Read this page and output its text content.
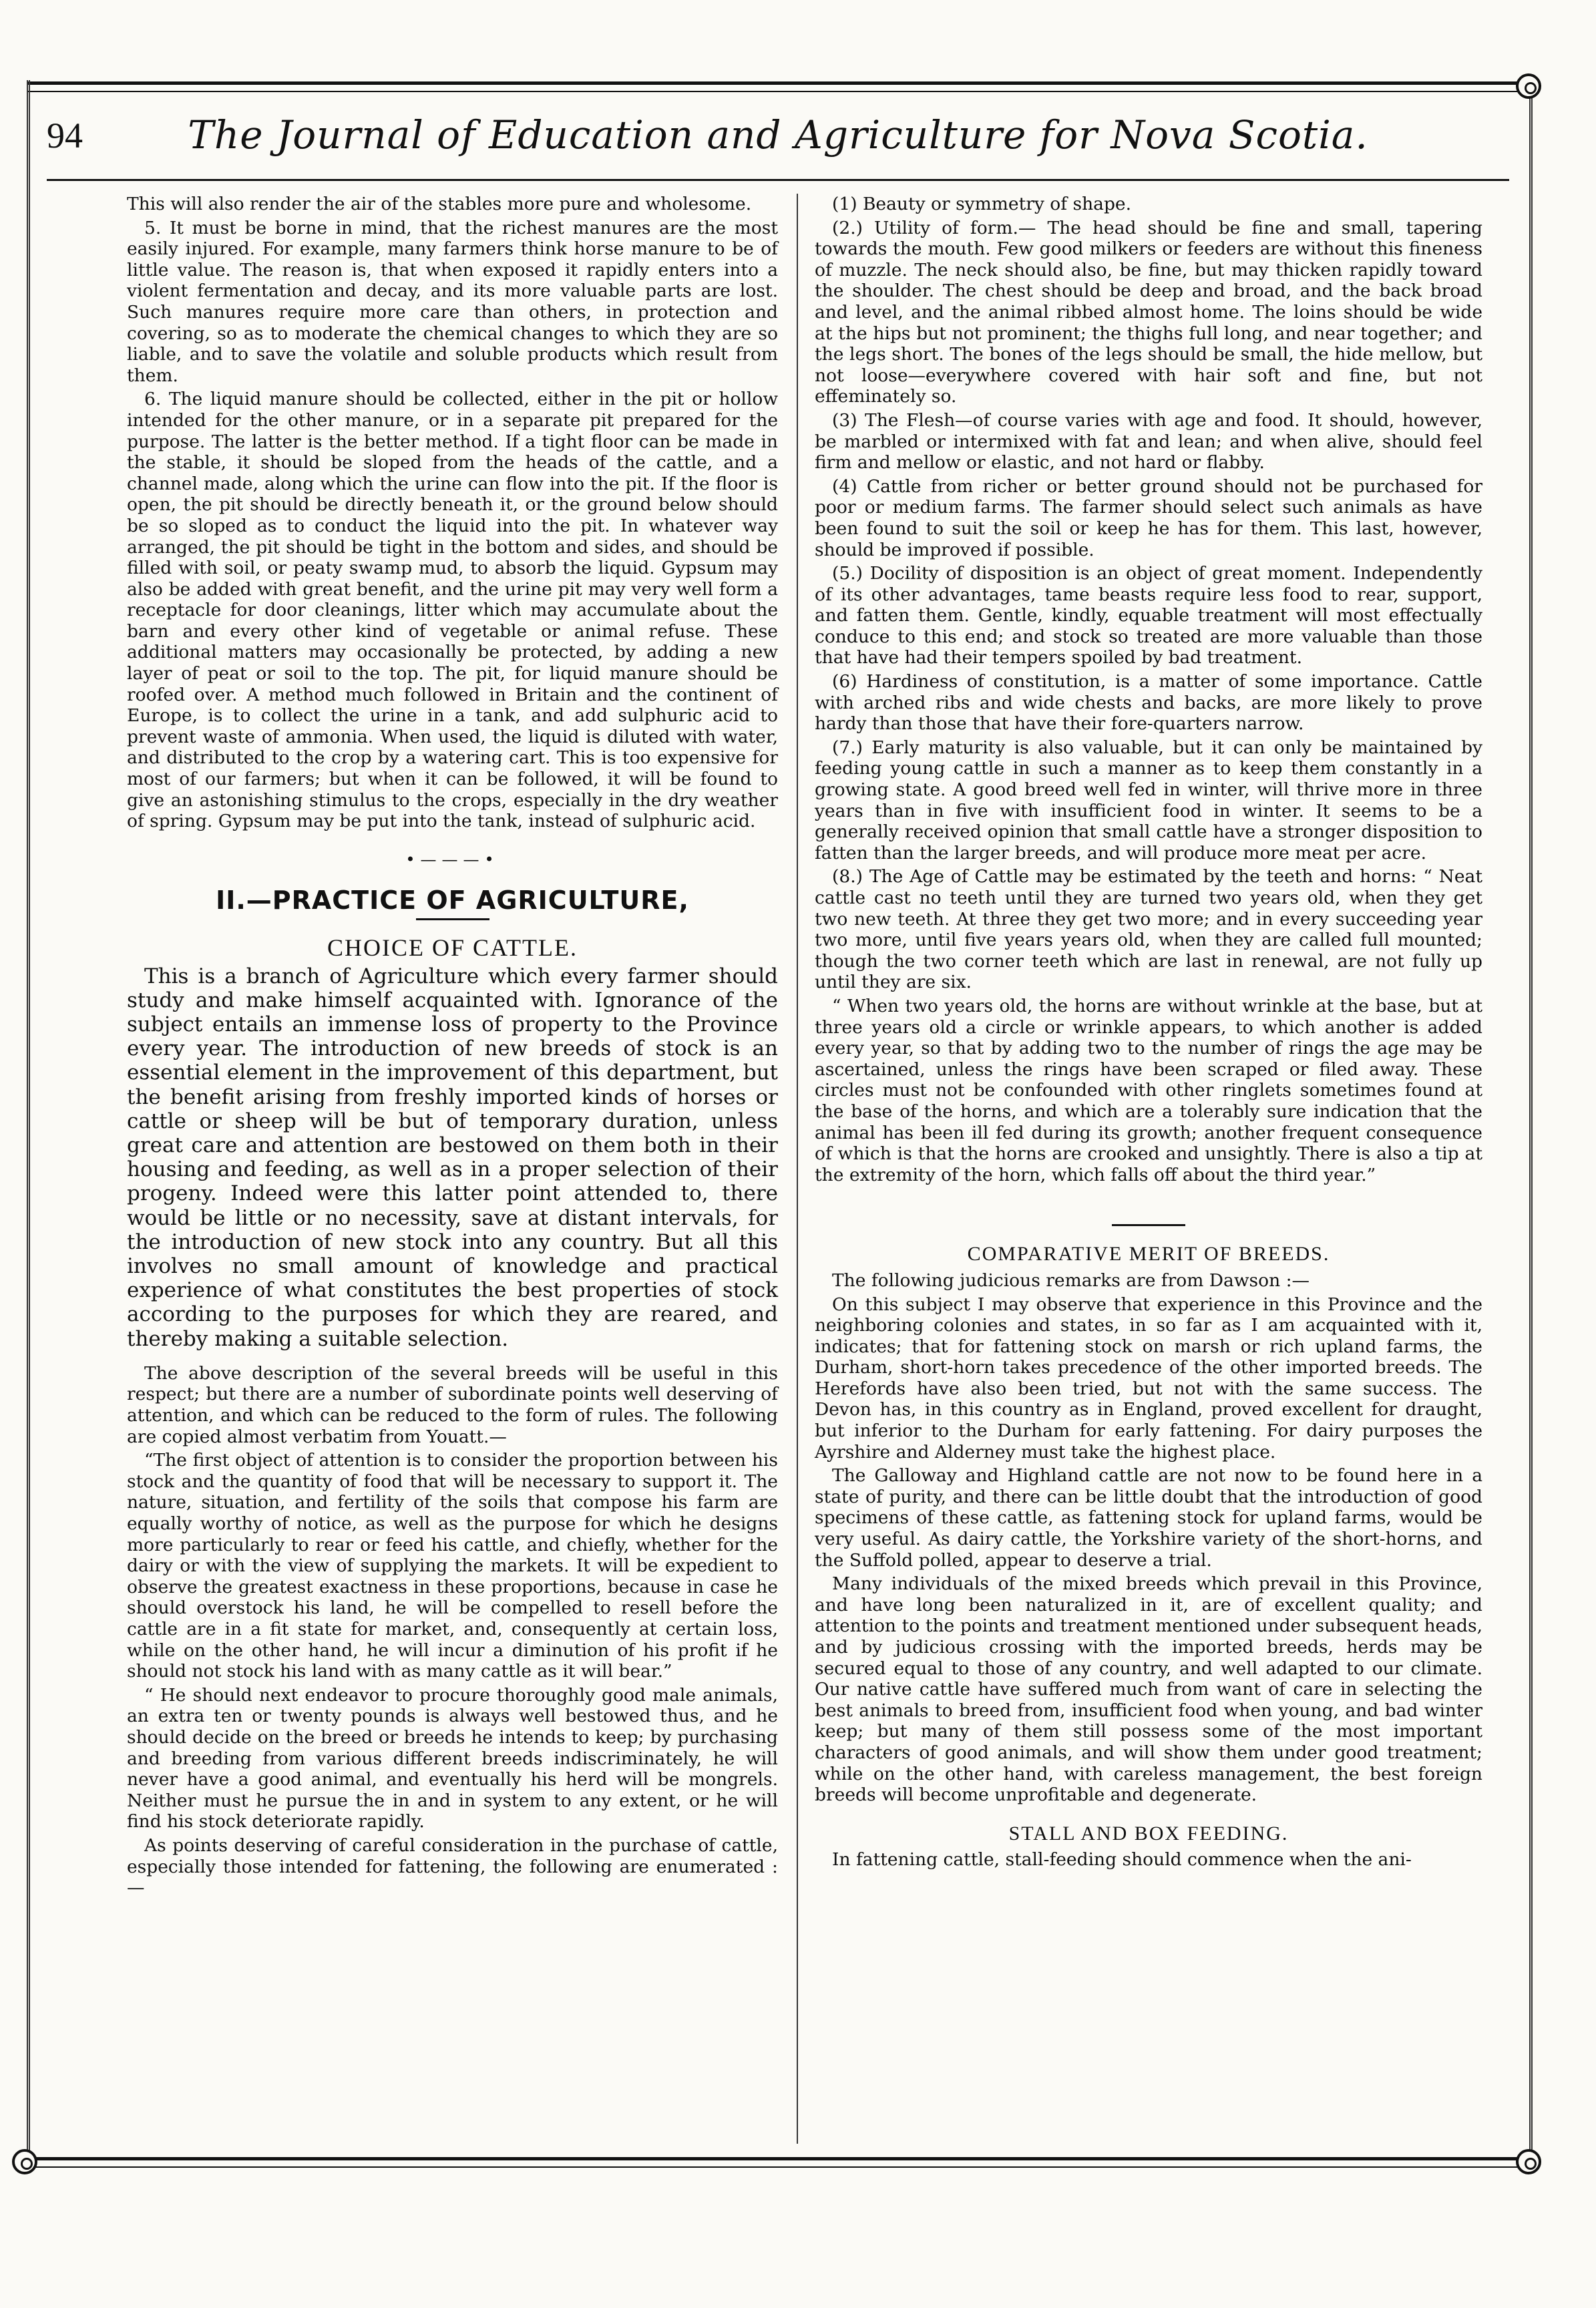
94	The Journal of Education and Agriculture for Nova Scotia.

This will also render the air of the stables more pure and wholesome.

5. It must be borne in mind, that the richest manures are the most easily injured. For example, many farmers think horse manure to be of little value. The reason is, that when exposed it rapidly enters into a violent fermentation and decay, and its more valuable parts are lost. Such manures require more care than others, in protection and covering, so as to moderate the chemical changes to which they are so liable, and to save the volatile and soluble products which result from them.

6. The liquid manure should be collected, either in the pit or hollow intended for the other manure, or in a separate pit prepared for the purpose. The latter is the better method. If a tight floor can be made in the stable, it should be sloped from the heads of the cattle, and a channel made, along which the urine can flow into the pit. If the floor is open, the pit should be directly beneath it, or the ground below should be so sloped as to conduct the liquid into the pit. In whatever way arranged, the pit should be tight in the bottom and sides, and should be filled with soil, or peaty swamp mud, to absorb the liquid. Gypsum may also be added with great benefit, and the urine pit may very well form a receptacle for door cleanings, litter which may accumulate about the barn and every other kind of vegetable or animal refuse. These additional matters may occasionally be protected, by adding a new layer of peat or soil to the top. The pit, for liquid manure should be roofed over. A method much followed in Britain and the continent of Europe, is to collect the urine in a tank, and add sulphuric acid to prevent waste of ammonia. When used, the liquid is diluted with water, and distributed to the crop by a watering cart. This is too expensive for most of our farmers; but when it can be followed, it will be found to give an astonishing stimulus to the crops, especially in the dry weather of spring. Gypsum may be put into the tank, instead of sulphuric acid.

•———•
II.—PRACTICE OF AGRICULTURE,
CHOICE OF CATTLE.

This is a branch of Agriculture which every farmer should study and make himself acquainted with. Ignorance of the subject entails an immense loss of property to the Province every year. The introduction of new breeds of stock is an essential element in the improvement of this department, but the benefit arising from freshly imported kinds of horses or cattle or sheep will be but of temporary duration, unless great care and attention are bestowed on them both in their housing and feeding, as well as in a proper selection of their progeny. Indeed were this latter point attended to, there would be little or no necessity, save at distant intervals, for the introduction of new stock into any country. But all this involves no small amount of knowledge and practical experience of what constitutes the best properties of stock according to the purposes for which they are reared, and thereby making a suitable selection.

The above description of the several breeds will be useful in this respect; but there are a number of subordinate points well deserving of attention, and which can be reduced to the form of rules. The following are copied almost verbatim from Youatt.—

“The first object of attention is to consider the proportion between his stock and the quantity of food that will be necessary to support it. The nature, situation, and fertility of the soils that compose his farm are equally worthy of notice, as well as the purpose for which he designs more particularly to rear or feed his cattle, and chiefly, whether for the dairy or with the view of supplying the markets. It will be expedient to observe the greatest exactness in these proportions, because in case he should overstock his land, he will be compelled to resell before the cattle are in a fit state for market, and, consequently at certain loss, while on the other hand, he will incur a diminution of his profit if he should not stock his land with as many cattle as it will bear.”

“ He should next endeavor to procure thoroughly good male animals, an extra ten or twenty pounds is always well bestowed thus, and he should decide on the breed or breeds he intends to keep; by purchasing and breeding from various different breeds indiscriminately, he will never have a good animal, and eventually his herd will be mongrels. Neither must he pursue the in and in system to any extent, or he will find his stock deteriorate rapidly.

As points deserving of careful consideration in the purchase of cattle, especially those intended for fattening, the following are enumerated :—

(1) Beauty or symmetry of shape.

(2.) Utility of form.— The head should be fine and small, tapering towards the mouth. Few good milkers or feeders are without this fineness of muzzle. The neck should also, be fine, but may thicken rapidly toward the shoulder. The chest should be deep and broad, and the back broad and level, and the animal ribbed almost home. The loins should be wide at the hips but not prominent; the thighs full long, and near together; and the legs short. The bones of the legs should be small, the hide mellow, but not loose—everywhere covered with hair soft and fine, but not effeminately so.

(3) The Flesh—of course varies with age and food. It should, however, be marbled or intermixed with fat and lean; and when alive, should feel firm and mellow or elastic, and not hard or flabby.

(4) Cattle from richer or better ground should not be purchased for poor or medium farms. The farmer should select such animals as have been found to suit the soil or keep he has for them. This last, however, should be improved if possible.

(5.) Docility of disposition is an object of great moment. Independently of its other advantages, tame beasts require less food to rear, support, and fatten them. Gentle, kindly, equable treatment will most effectually conduce to this end; and stock so treated are more valuable than those that have had their tempers spoiled by bad treatment.

(6) Hardiness of constitution, is a matter of some importance. Cattle with arched ribs and wide chests and backs, are more likely to prove hardy than those that have their fore-quarters narrow.

(7.) Early maturity is also valuable, but it can only be maintained by feeding young cattle in such a manner as to keep them constantly in a growing state. A good breed well fed in winter, will thrive more in three years than in five with insufficient food in winter. It seems to be a generally received opinion that small cattle have a stronger disposition to fatten than the larger breeds, and will produce more meat per acre.

(8.) The Age of Cattle may be estimated by the teeth and horns: “ Neat cattle cast no teeth until they are turned two years old, when they get two new teeth. At three they get two more; and in every succeeding year two more, until five years years old, when they are called full mounted; though the two corner teeth which are last in renewal, are not fully up until they are six.

“ When two years old, the horns are without wrinkle at the base, but at three years old a circle or wrinkle appears, to which another is added every year, so that by adding two to the number of rings the age may be ascertained, unless the rings have been scraped or filed away. These circles must not be confounded with other ringlets sometimes found at the base of the horns, and which are a tolerably sure indication that the animal has been ill fed during its growth; another frequent consequence of which is that the horns are crooked and unsightly. There is also a tip at the extremity of the horn, which falls off about the third year.”

COMPARATIVE MERIT OF BREEDS.

The following judicious remarks are from Dawson :—

On this subject I may observe that experience in this Province and the neighboring colonies and states, in so far as I am acquainted with it, indicates; that for fattening stock on marsh or rich upland farms, the Durham, short-horn takes precedence of the other imported breeds. The Herefords have also been tried, but not with the same success. The Devon has, in this country as in England, proved excellent for draught, but inferior to the Durham for early fattening. For dairy purposes the Ayrshire and Alderney must take the highest place.

The Galloway and Highland cattle are not now to be found here in a state of purity, and there can be little doubt that the introduction of good specimens of these cattle, as fattening stock for upland farms, would be very useful. As dairy cattle, the Yorkshire variety of the short-horns, and the Suffold polled, appear to deserve a trial.

Many individuals of the mixed breeds which prevail in this Province, and have long been naturalized in it, are of excellent quality; and attention to the points and treatment mentioned under subsequent heads, and by judicious crossing with the imported breeds, herds may be secured equal to those of any country, and well adapted to our climate. Our native cattle have suffered much from want of care in selecting the best animals to breed from, insufficient food when young, and bad winter keep; but many of them still possess some of the most important characters of good animals, and will show them under good treatment; while on the other hand, with careless management, the best foreign breeds will become unprofitable and degenerate.

STALL AND BOX FEEDING.

In fattening cattle, stall-feeding should commence when the ani-
